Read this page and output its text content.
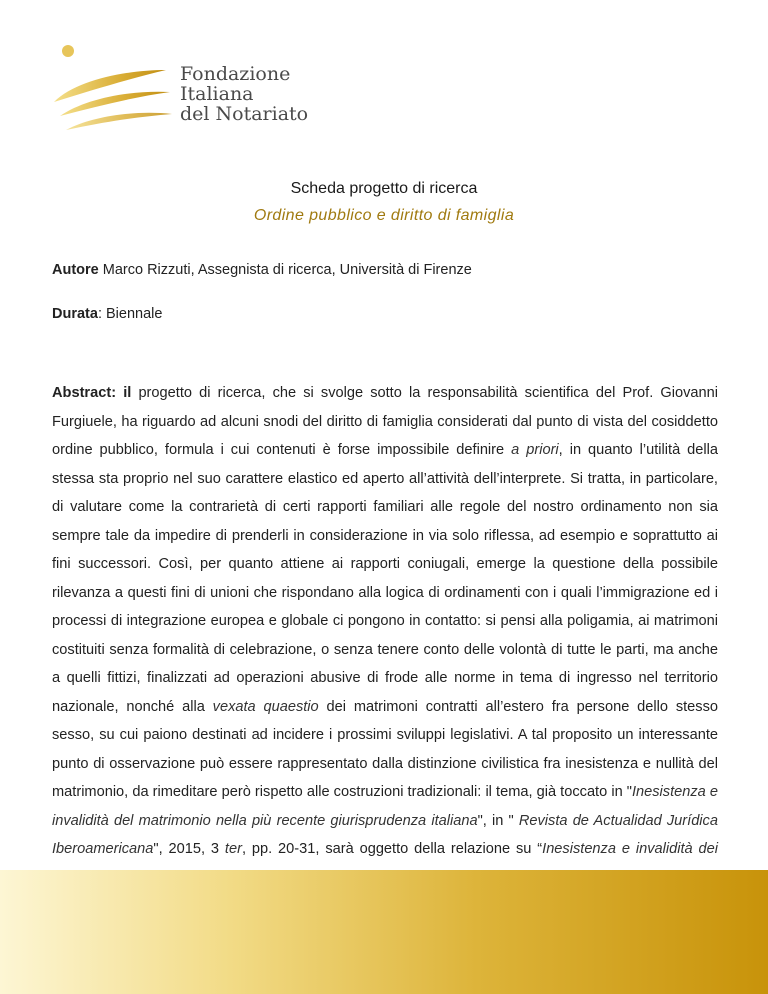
Fondazione
Italiana
del Notariato
Scheda progetto di ricerca
Ordine pubblico e diritto di famiglia
Autore Marco Rizzuti, Assegnista di ricerca, Università di Firenze
Durata: Biennale
Abstract: il progetto di ricerca, che si svolge sotto la responsabilità scientifica del Prof. Giovanni Furgiuele, ha riguardo ad alcuni snodi del diritto di famiglia considerati dal punto di vista del cosiddetto ordine pubblico, formula i cui contenuti è forse impossibile definire a priori, in quanto l’utilità della stessa sta proprio nel suo carattere elastico ed aperto all’attività dell’interprete. Si tratta, in particolare, di valutare come la contrarietà di certi rapporti familiari alle regole del nostro ordinamento non sia sempre tale da impedire di prenderli in considerazione in via solo riflessa, ad esempio e soprattutto ai fini successori. Così, per quanto attiene ai rapporti coniugali, emerge la questione della possibile rilevanza a questi fini di unioni che rispondano alla logica di ordinamenti con i quali l’immigrazione ed i processi di integrazione europea e globale ci pongono in contatto: si pensi alla poligamia, ai matrimoni costituiti senza formalità di celebrazione, o senza tenere conto delle volontà di tutte le parti, ma anche a quelli fittizi, finalizzati ad operazioni abusive di frode alle norme in tema di ingresso nel territorio nazionale, nonché alla vexata quaestio dei matrimoni contratti all’estero fra persone dello stesso sesso, su cui paiono destinati ad incidere i prossimi sviluppi legislativi. A tal proposito un interessante punto di osservazione può essere rappresentato dalla distinzione civilistica fra inesistenza e nullità del matrimonio, da rimeditare però rispetto alle costruzioni tradizionali: il tema, già toccato in "Inesistenza e invalidità del matrimonio nella più recente giurisprudenza italiana", in " Revista de Actualidad Jurídica Iberoamericana", 2015, 3 ter, pp. 20-31, sarà oggetto della relazione su “Inesistenza e invalidità dei
